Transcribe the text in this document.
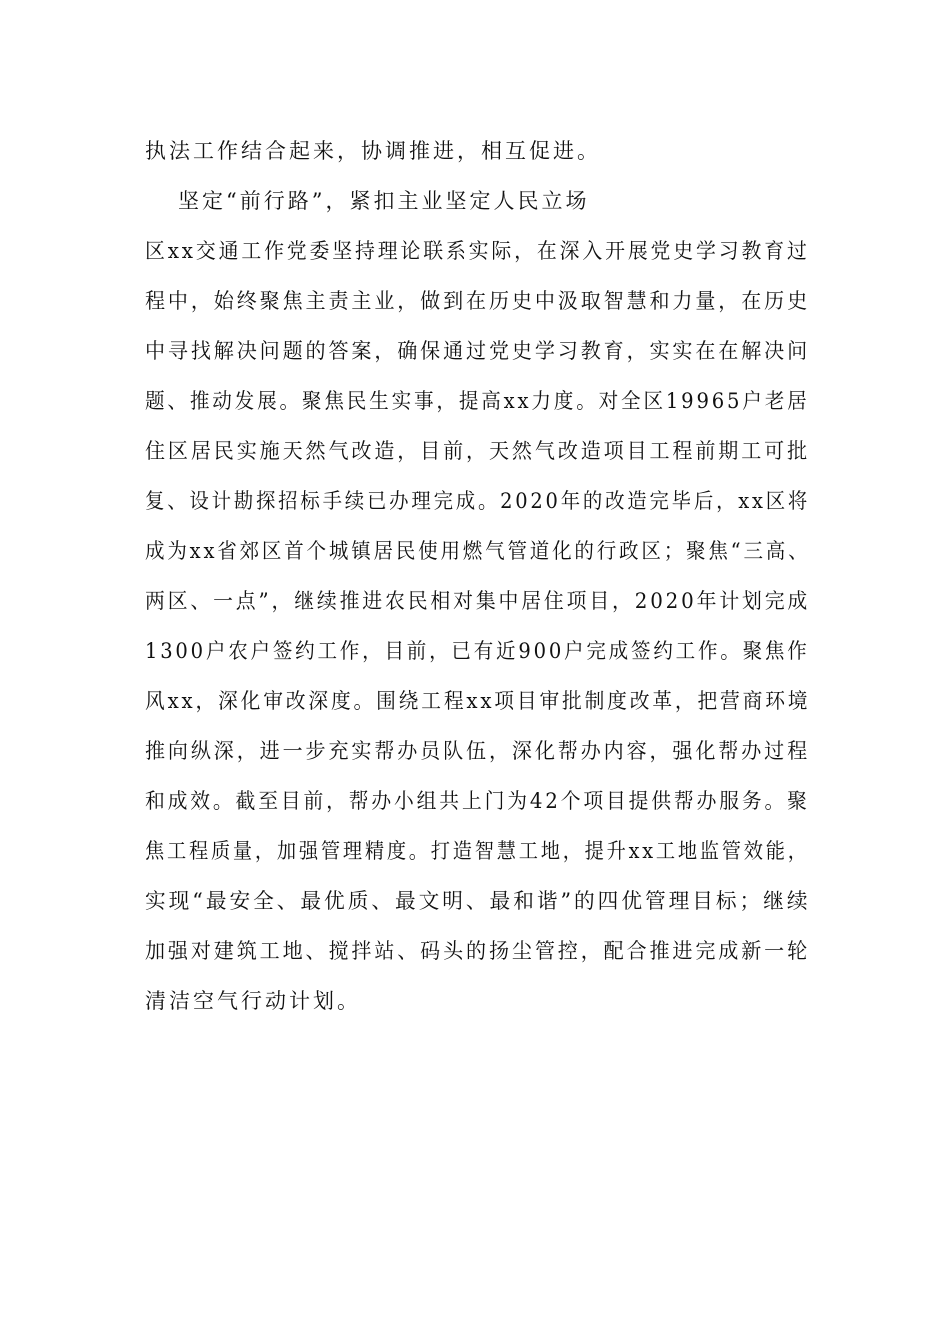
执法工作结合起来，协调推进，相互促进。
坚定“前行路”，紧扣主业坚定人民立场
区xx交通工作党委坚持理论联系实际，在深入开展党史学习教育过
程中，始终聚焦主责主业，做到在历史中汲取智慧和力量，在历史
中寻找解决问题的答案，确保通过党史学习教育，实实在在解决问
题、推动发展。聚焦民生实事，提高xx力度。对全区19965户老居
住区居民实施天然气改造，目前，天然气改造项目工程前期工可批
复、设计勘探招标手续已办理完成。2020年的改造完毕后，xx区将
成为xx省郊区首个城镇居民使用燃气管道化的行政区；聚焦“三高、
两区、一点”，继续推进农民相对集中居住项目，2020年计划完成
1300户农户签约工作，目前，已有近900户完成签约工作。聚焦作
风xx，深化审改深度。围绕工程xx项目审批制度改革，把营商环境
推向纵深，进一步充实帮办员队伍，深化帮办内容，强化帮办过程
和成效。截至目前，帮办小组共上门为42个项目提供帮办服务。聚
焦工程质量，加强管理精度。打造智慧工地，提升xx工地监管效能，
实现“最安全、最优质、最文明、最和谐”的四优管理目标；继续
加强对建筑工地、搅拌站、码头的扬尘管控，配合推进完成新一轮
清洁空气行动计划。
